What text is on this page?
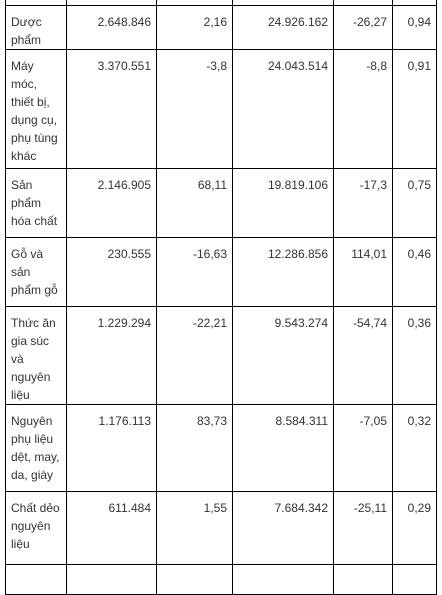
Dược phẩm	2.648.846	2,16	24.926.162	-26,27	0,94
Máy móc, thiết bị, dụng cụ, phụ tùng khác	3.370.551	-3,8	24.043.514	-8,8	0,91
Sản phẩm hóa chất	2.146.905	68,11	19.819.106	-17,3	0,75
Gỗ và sản phẩm gỗ	230.555	-16,63	12.286.856	114,01	0,46
Thức ăn gia súc và nguyên liệu	1.229.294	-22,21	9.543.274	-54,74	0,36
Nguyên phụ liệu dệt, may, da, giày	1.176.113	83,73	8.584.311	-7,05	0,32
Chất dẻo nguyên liệu	611.484	1,55	7.684.342	-25,11	0,29
